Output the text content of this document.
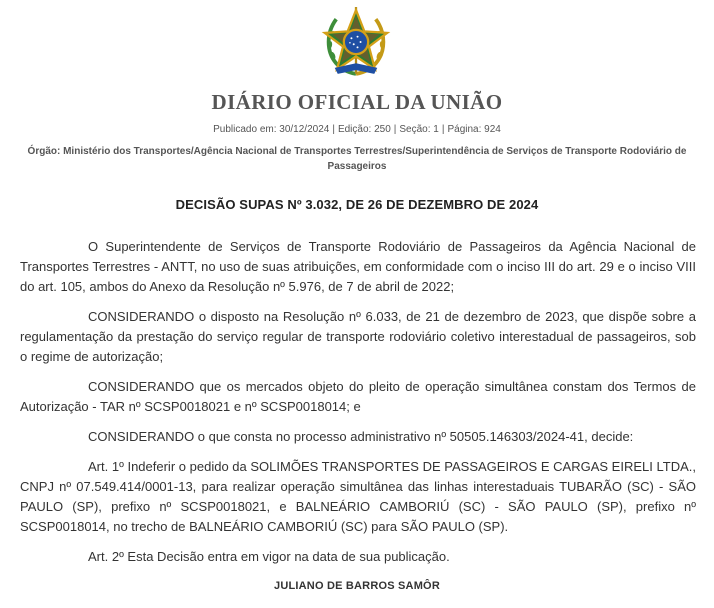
DIÁRIO OFICIAL DA UNIÃO
Publicado em: 30/12/2024 | Edição: 250 | Seção: 1 | Página: 924
Órgão: Ministério dos Transportes/Agência Nacional de Transportes Terrestres/Superintendência de Serviços de Transporte Rodoviário de Passageiros
DECISÃO SUPAS Nº 3.032, DE 26 DE DEZEMBRO DE 2024

O Superintendente de Serviços de Transporte Rodoviário de Passageiros da Agência Nacional de Transportes Terrestres - ANTT, no uso de suas atribuições, em conformidade com o inciso III do art. 29 e o inciso VIII do art. 105, ambos do Anexo da Resolução nº 5.976, de 7 de abril de 2022;

CONSIDERANDO o disposto na Resolução nº 6.033, de 21 de dezembro de 2023, que dispõe sobre a regulamentação da prestação do serviço regular de transporte rodoviário coletivo interestadual de passageiros, sob o regime de autorização;

CONSIDERANDO que os mercados objeto do pleito de operação simultânea constam dos Termos de Autorização - TAR nº SCSP0018021 e nº SCSP0018014; e

CONSIDERANDO o que consta no processo administrativo nº 50505.146303/2024-41, decide:

Art. 1º Indeferir o pedido da SOLIMÕES TRANSPORTES DE PASSAGEIROS E CARGAS EIRELI LTDA., CNPJ nº 07.549.414/0001-13, para realizar operação simultânea das linhas interestaduais TUBARÃO (SC) - SÃO PAULO (SP), prefixo nº SCSP0018021, e BALNEÁRIO CAMBORIÚ (SC) - SÃO PAULO (SP), prefixo nº SCSP0018014, no trecho de BALNEÁRIO CAMBORIÚ (SC) para SÃO PAULO (SP).

Art. 2º Esta Decisão entra em vigor na data de sua publicação.

JULIANO DE BARROS SAMÔR
